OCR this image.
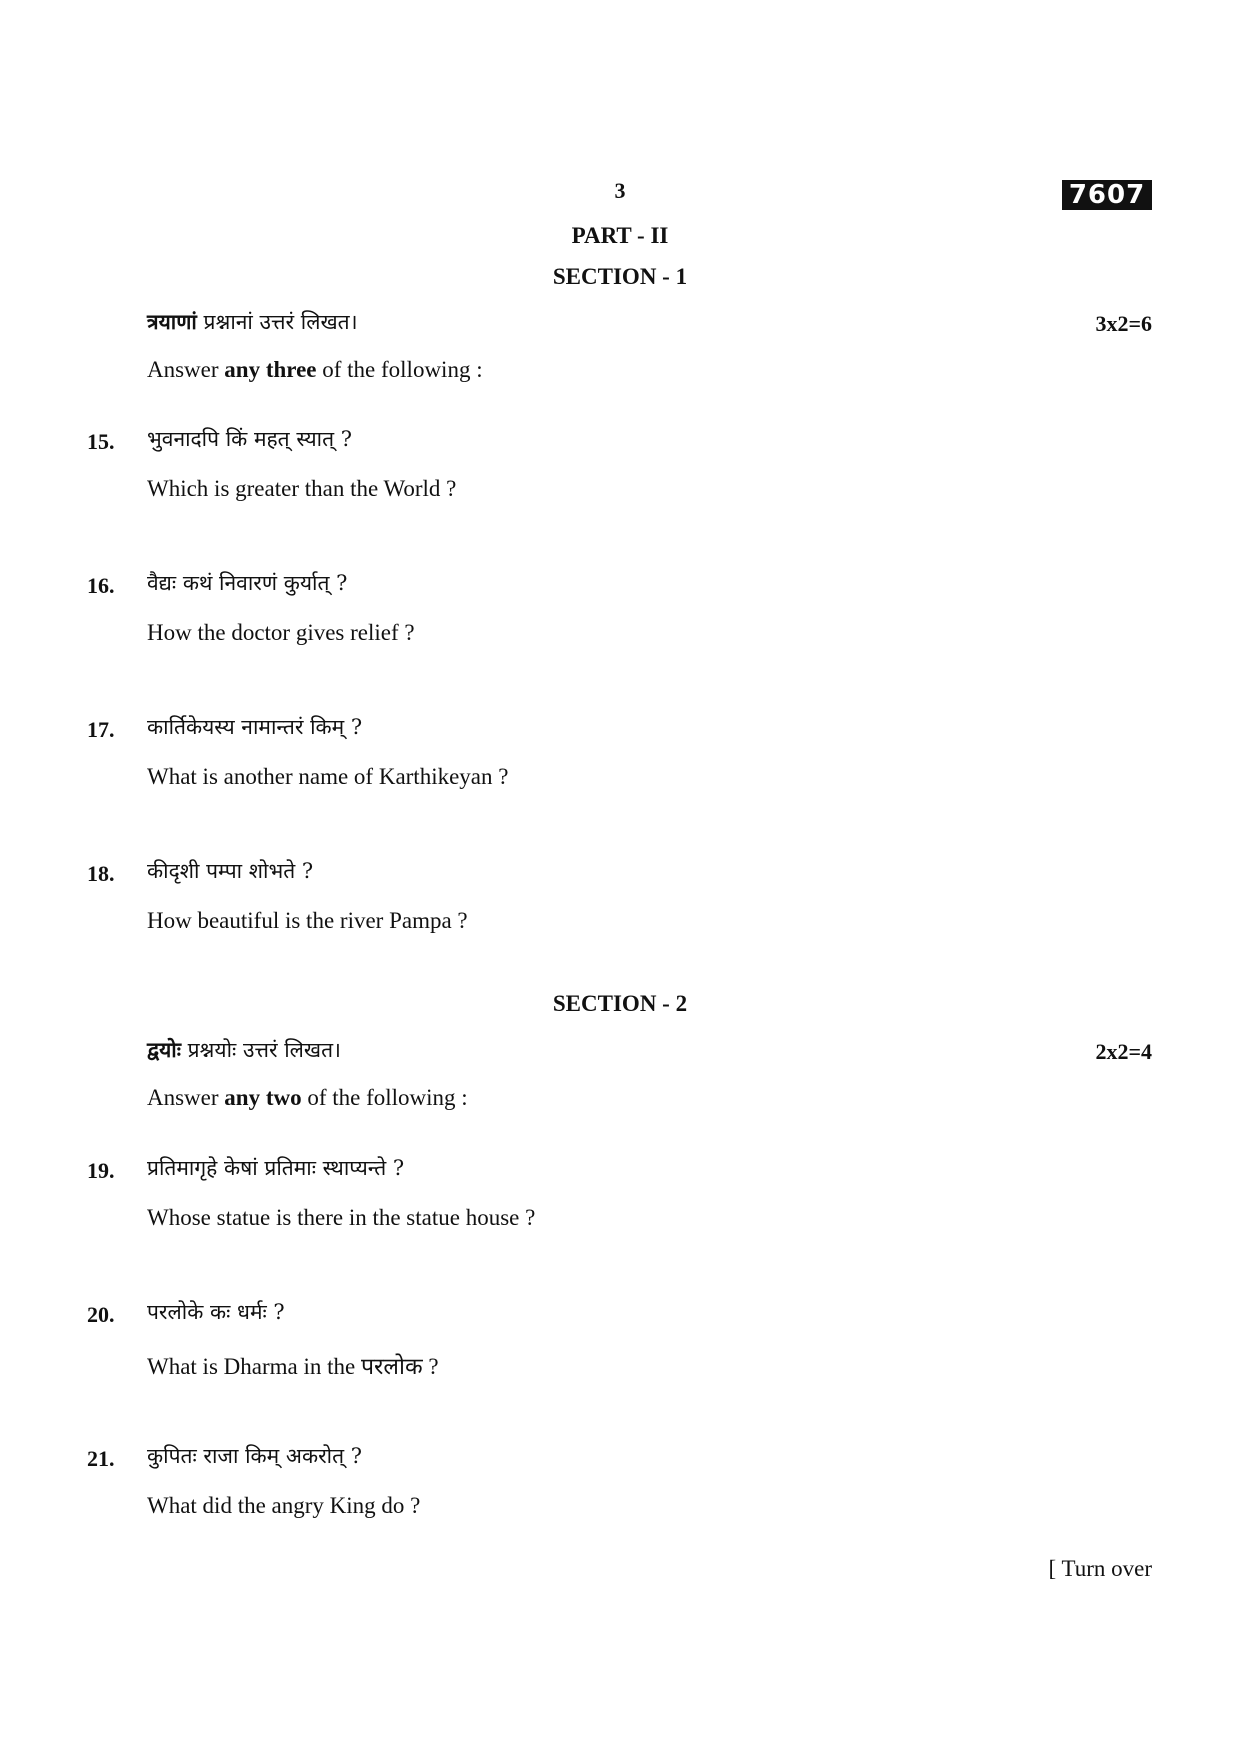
3	7607
PART - II
SECTION - 1
त्रयाणां प्रश्नानां उत्तरं लिखत।	3x2=6
Answer any three of the following :
15. भुवनादपि किं महत् स्यात् ?
Which is greater than the World ?
16. वैद्यः कथं निवारणं कुर्यात् ?
How the doctor gives relief ?
17. कार्तिकेयस्य नामान्तरं किम् ?
What is another name of Karthikeyan ?
18. कीदृशी पम्पा शोभते ?
How beautiful is the river Pampa ?
SECTION - 2
द्वयोः प्रश्नयोः उत्तरं लिखत।	2x2=4
Answer any two of the following :
19. प्रतिमागृहे केषां प्रतिमाः स्थाप्यन्ते ?
Whose statue is there in the statue house ?
20. परलोके कः धर्मः ?
What is Dharma in the परलोक ?
21. कुपितः राजा किम् अकरोत् ?
What did the angry King do ?
[ Turn over
